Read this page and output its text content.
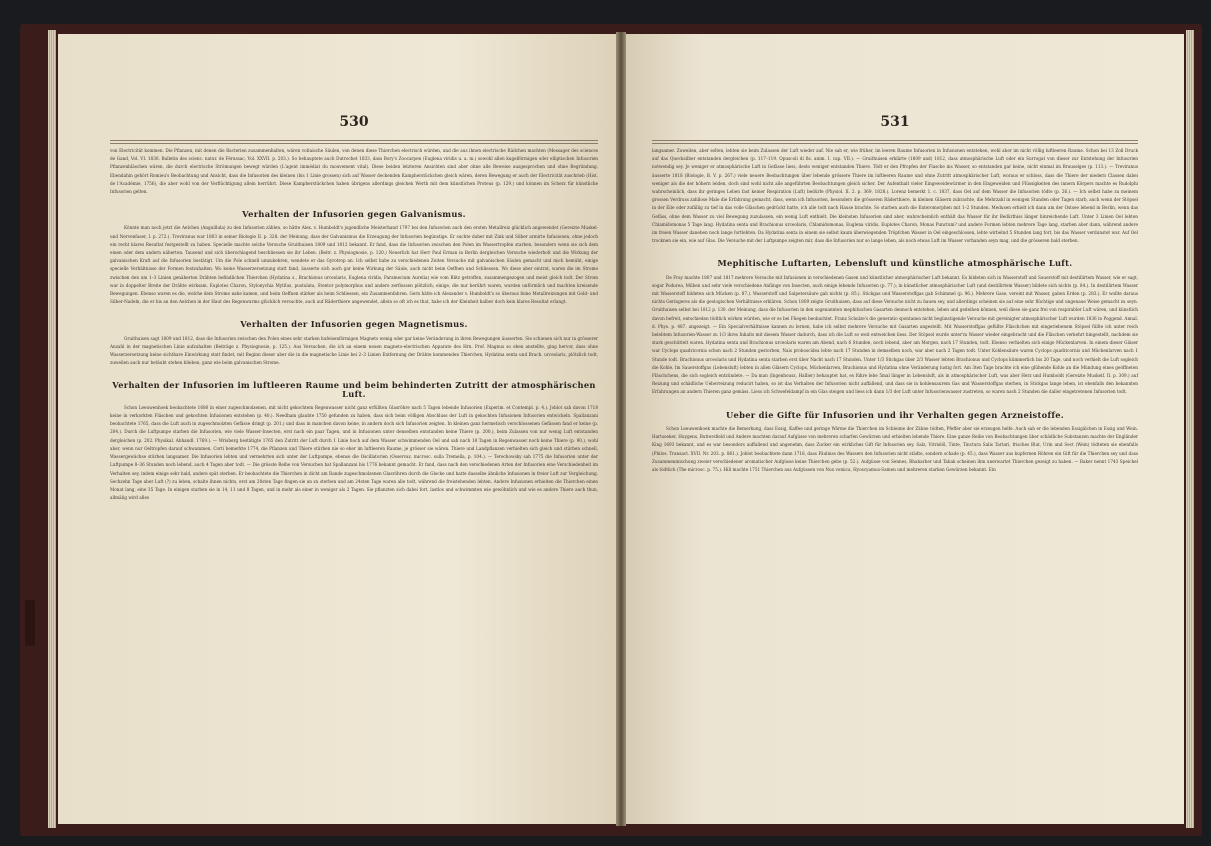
530

von Electricität kommen. Die Pflanzen, mit denen die Bacterien zusammenhalten, wären voltaische Säulen, von denen diese Thierchen electrisch würden, und die aus ihnen electrische Rädchen machten (Messager des sciences de Gand, Vol. VI. 1830. Bulletin des scienc. natur. de Férussac, Vol. XXVII. p. 203.). So behauptete auch Dutrochet 1833, dass Bory's Zoocarpen (Euglena viridis u. a. m.) sowohl allen kugelförmigen oder elliptischen Infusorien Pflanzenbläschen wären, die durch electrische Strömungen bewegt würden (L'agent immédiat du mouvement vital). Diese beiden letzteren Ansichten sind aber ohne alle Beweise ausgesprochen und ohne Begründung. Ebendahin gehört Romieu's Beobachtung und Ansicht, dass die Infusorien des kleinen (bis 1 Linie grossen) sich auf Wasser deckenden Kampherstückchen gleich wären, deren Bewegung er auch der Electricität zuschrieb (Hist. de l'Académie, 1756), die aber wohl von der Verflüchtigung allein herrührt. Diese Kampherstückchen haben übrigens allerdings gleichen Werth mit dem künstlichen Proteus (p. 129.) und können im Scherz für künstliche Infusorien gelten.

Verhalten der Infusorien gegen Galvanismus.

Könnte man noch jetzt die Aelchen (Anguillula) zu den Infusorien zählen, so hätte Alex. v. Humboldt's jugendliche Meisterhand 1797 bei den Infusorien auch den ersten Metallreiz glücklich angewendet (Gereizte Muskel- und Nervenfaser, I. p. 272.). Treviranus war 1803 in seiner Biologie II. p. 328. der Meinung, dass der Galvanismus die Erzeugung der Infusorien begünstige. Er suchte daher mit Zink und Silber armirte Infusionen, ohne jedoch ein recht klares Resultat festgestellt zu haben. Specielle machte solche Versuche Gruithuisen 1809 und 1812 bekannt. Er fand, dass die Infusorien zwischen den Polen im Wassertropfen starben, besonders wenn sie sich dem einen oder dem andern näherten. Tausend und sich überschlagend beschliessen sie ihr Leben. (Beitr. z. Physiognosie, p. 120.) Neuerlich hat Herr Paul Erman in Berlin dergleichen Versuche wiederholt und die Wirkung der galvanischen Kraft auf die Infusorien bestätigt. Um die Pole schnell umzukehren, wendete er das Gyrotrop an. Ich selbst habe zu verschiedenen Zeiten Versuche mit galvanischen Säulen gemacht und mich bemüht, einige specielle Verhältnisse der Formen festzuhalten. Wo keine Wasserzersetzung statt fand, äusserte sich auch gar keine Wirkung der Säule, auch nicht beim Oeffnen und Schliessen. Wo diese aber eintrat, waren die im Strome zwischen den um 1–3 Linien genäherten Drähten befindlichen Thierchen (Hydatina s., Brachionus urceolaris, Euglena viridis, Paramecium Aurelia) wie vom Blitz getroffen, zusammengezogen und meist gleich todt. Der Strom war in doppelter Breite der Drähte wirksam. Euplotes Charon, Stylonychia Mytilus, pustulata, Stentor polymorphus und andere zerflossen plötzlich; einige, die nur berührt waren, wurden unförmlich und machten kreisende Bewegungen. Ebenso waren es die, welche dem Strome nahe kamen, und beim Oeffnen stärker als beim Schliessen, ein Zusammenfahren. Gern hätte ich Alexander v. Humboldt's so überaus feine Metallreizungen mit Gold- und Silber-Nadeln, die er bis an den Aelchen in der Haut des Regenwurms glücklich versuchte, auch auf Räderthiere angewendet, allein so oft ich es that, habe ich der Kleinheit halber doch kein klares Resultat erlangt.

Verhalten der Infusorien gegen Magnetismus.

Gruithuisen sagt 1809 und 1812, dass die Infusorien zwischen den Polen eines sehr starken hufeisenförmigen Magnets wenig oder gar keine Veränderung in ihren Bewegungen äusserten. Sie schienen sich nur in grösserer Anzahl in der magnetischen Linie aufzuhalten (Beiträge z. Physiognosie, p. 125.). Aus Versuchen, die ich an einem neuen magneto-electrischen Apparate des Hrn. Prof. Magnus so eben anstellte, ging hervor, dass ohne Wasserzersetzung keine sichtbare Einwirkung statt findet, mit Beginn dieser aber die in die magnetische Linie bei 2–3 Linien Entfernung der Drähte kommenden Thierchen, Hydatina senta und Brach. urceolaris, plötzlich todt, zuweilen auch nur betäubt stehen blieben, ganz wie beim galvanischen Strome.

Verhalten der Infusorien im luftleeren Raume und beim behinderten Zutritt der atmosphärischen Luft.

Schon Leeuwenhoek beobachtete 1680 in einer zugeschmolzenen, mit nicht gekochtem Regenwasser nicht ganz erfüllten Glasröhre nach 5 Tagen lebende Infusorien (Experim. et Contempl. p. 4.). Joblot sah davon 1718 keine in verkorkten Fläschen und gekochten Infusionen entstehen (p. 40.). Needham glaubte 1750 gefunden zu haben, dass sich beim völligen Abschluss der Luft in gekochten Infusionen Infusorien entwickeln. Spallanzani beobachtete 1765, dass die Luft auch in zugeschmolzten Gefässe dringt (p. 201.) und dass in manchen davon keine, in andern doch sich Infusorien zeigten. In kleinen ganz hermetisch verschlossenen Gefässen fand er keine (p. 204.). Durch die Luftpumpe starben die Infusorien, wie viele Wasser-Insecten, erst nach ein paar Tagen, und in Infusionen unter denselben entstanden keine Thiere (p. 200.), beim Zulassen von nur wenig Luft entstanden dergleichen (p. 202. Physikal. Abhandl. 1769.). — Wrisberg bestätigte 1765 den Zutritt der Luft durch 1 Linie hoch auf dem Wasser schwimmenden Oel und sah nach 18 Tagen in Regenwasser noch keine Thiere (p. 90.), wohl aber, wenn nur Oeltropfen darauf schwammen. Corti bemerkte 1774, die Pflanzen und Thiere stürben nie so eher im luftleeren Raume, je grösser sie wären. Thiere und Landpflanzen verhielten sich gleich und stürben schnell, Wassergewächse stürben langsamer. Die Infusorien lebten und vermehrten sich unter der Luftpumpe, ebenso die Oscillatorien (Osservaz. microsc. sulla Tremella, p. 104.). — Terechowsky sah 1775 die Infusorien unter der Luftpumpe 8–36 Stunden noch lebend, auch 4 Tagen aber todt. — Die grösste Reihe von Versuchen hat Spallanzani bis 1776 bekannt gemacht. Er fand, dass nach den verschiedenen Arten der Infusorien eine Verschiedenheit im Verhalten sey, indem einige sehr bald, andere spät sterben. Er beobachtete die Thierchen in dicht am Rande zugeschmolzenen Glasröhren durch die Glocke und hatte dasselbe ähnliche Infusionen in freier Luft zur Vergleichung. Sechzehn Tage aber Luft (?) zu leben, schalte ihnen nichts, erst am 20sten Tage fingen sie an zu sterben und am 24sten Tage waren alle todt, während die freistehenden lebten. Andere Infusionen erhielten die Thierchen einen Monat lang, eine 35 Tage. In einigen starben sie in 14, 11 und 8 Tagen, und in mehr als einer in weniger als 2 Tagen. Sie pflanzten sich dabei fort, lastlos und schwimmten wie gewöhnlich und wie es andere Thiere auch thun, allmälig wird alles

531

langsamer. Zuweilen, aber selten, lebten sie beim Zulassen der Luft wieder auf. Nie sah er, wie früher, im leeren Raume Infusorien in Infusionen entstehen, wohl aber im nicht völlig luftleeren Raume. Schon bei 13 Zoll Druck auf das Quecksilber entstanden dergleichen (p. 117–119. Opuscoli di fis. anim. I. cap. VII.). — Gruithuisen erklärte (1809 und) 1812, dass atmosphärische Luft oder ein Surrogat von dieser zur Entstehung der Infusorien notwendig sey. Je weniger er atmosphärische Luft in Gefässe liess, desto weniger entstanden Thiere. Tödt er den Pfropfen der Flasche ins Wasser, so entstanden gar keine, nicht einmal im Brauselges (p. 113.). — Treviranus äusserte 1818 (Biologie, B. V. p. 267.) viele neuere Beobachtungen über lebende grössere Thiere im luftleeren Raume und ohne Zutritt atmosphärischer Luft, woraus er schloss, dass die Thiere der niedern Classen dabei weniger als die der höhern leiden, doch sind wohl nicht alle angeführten Beobachtungen gleich sicher. Der Aufenthalt vieler Eingeweidewürmer in den Eingeweiden und Flüssigkeiten des innern Körpers machte es Rudolphi wahrscheinlich, dass ihr geringes Leben fast keiner Respiration (Luft) bedürfe (Physiol. II. 2. p. 369. 1828.). Lorenz bemerkt 1. c. 1837, dass Oel auf dem Wasser die Infusorien tödte (p. 26.). — Ich selbst habe zu meinem grossen Verdruss zahllose Male die Erfahrung gemacht, dass, wenn ich Infusorien, besonders die grösseren Räderthiere, in kleinen Gläsern zubrachte, die Mehrzahl in wenigen Stunden oder Tagen starb, auch wenn der Stöpsel in der Eile oder zufällig zu tief in das volle Gläschen gedrückt hatte, ich alle todt nach Hause brachte. So starben auch die Enteromorphen mit 1–2 Stunden. Medusen erhielt ich dann am der Ostsee lebend in Berlin, wenn das Gefäss, ohne dem Wasser zu viel Bewegung zuzulassen, ein wenig Luft enthielt. Die kleinsten Infusorien sind aber, wahrscheinlich enthält das Wasser für ihr Bedürfniss länger hinreichende Luft. Unter 3 Linien Oel lebten Chlamidomonas 5 Tage lang. Hydatina senta und Brachionus urceolaris, Chlamidomonas, Euglena viridis, Euplotes Charon, Monas Punctum? und andere Formen lebten mehrere Tage lang, starben aber dann, während andere im freien Wasser daneben noch lange fortlebten. Da Hydatina senta in einem sie selbst kaum überwiegenden Tröpfchen Wasser in Oel eingeschlossen, lebte wirbelnd 5 Stunden lang fort, bis das Wasser verdunstet war. Auf Oel trocknen sie ein, wie auf Glas. Die Versuche mit der Luftpumpe zeigten mir, dass die Infusorien nur so lange leben, als noch etwas Luft im Wasser vorhanden seyn mag, und die grösseren bald sterben.

Mephitische Luftarten, Lebensluft und künstliche atmosphärische Luft.

De Fray machte 1807 und 1817 mehrere Versuche mit Infusionen in verschiedenen Gasen und künstlicher atmosphärischer Luft bekannt. Es bildeten sich in Wasserstoff und Sauerstoff mit destillirtem Wasser, wie er sagt, sogar Podurea, Milben und sehr viele verschiedene Anfänge von Insecten, auch einige lebende Infusorien (p. 77.); in künstlicher atmosphärischer Luft (und destillirtem Wasser) bildete sich nichts (p. 84.). In destillirtem Wasser mit Wasserstoff bildeten sich Mücken (p. 87.). Wasserstoff und Salpetersäure gab nichts (p. 85.). Stickgas und Wasserstoffgas gab Schimmel (p. 96.). Mehrere Gase, vereint mit Wasser, gaben Erden (p. 283.). Er wollte daraus nichts Geringeres als die geologischen Verhältnisse erklären. Schon 1809 zeigte Gruithuisen, dass auf diese Versuche nicht zu bauen sey, und allerdings scheinen sie auf eine sehr flüchtige und ungenaue Weise gemacht zu seyn. Gruithuisen selbst bei 1812 p. 130. der Meinung, dass die Infusorien in den sogenannten mephitischen Gasarten dennoch entstehen, leben und gedeihen können, weil diese sie ganz frei von respirabler Luft wären, und künstlich davon befreit, entschieden tödtlich wirken würden, wie er es bei Fliegen beobachtet. Franz Schulze's die generatio spontanea nicht begünstigende Versuche mit gereinigter atmosphärischer Luft wurden 1836 in Poggend. Annal. d. Phys. p. 487. angezeigt. — Ein Specialverhältnisse kannen zu lernen, habe ich selbst mehrere Versuche mit Gasarten angestellt. Mit Wasserstoffgas gefüllte Fläschchen mit eingeriebenem Stöpsel füllte ich unter reich belebtem Infusorien-Wasser zu 1/3 ihres Inhalts mit diesem Wasser dadurch, dass ich die Luft so weit entweichen liess. Der Stöpsel wurde unter'm Wasser wieder eingebracht und die Fläschen verkehrt hingestellt, nachdem sie stark geschüttelt waren. Hydatina senta und Brachionus urceolaris waren am Abend, nach 6 Stunden, noch lebend, aber am Morgen, nach 17 Stunden, todt. Ebenso verhielten sich einige Mückenlarven. In einem dieser Gläser war Cyclops quadricornis schon nach 2 Stunden gestorben, Nais proboscidea lebte nach 17 Stunden in demselben noch, war aber nach 2 Tagen todt. Unter Kohlensäure waren Cyclops quadricornis und Mückenlarven nach 1 Stunde todt. Brachionus urceolaris und Hydatina senta starben erst über Nacht nach 17 Stunden. Unter 1/3 Stickgas über 2/3 Wasser lebten Brachionus und Cyclops kümmerlich bis 20 Tage, und noch verhielt die Luft sogleich die Kohle. Im Sauerstoffgas (Lebensluft) lebten in allen Gläsern Cyclops, Mückenlarven, Brachionus und Hydatina ohne Veränderung lustig fort. Am 3ten Tage brachte ich eine glühende Kohle an die Mündung eines geöffneten Fläschchens, die sich sogleich entzündete. — Da man (Ingenhousz, Hallier) behauptet hat, es führe lebe 5mal länger in Lebensluft, als in atmosphärischer Luft, was aber Herz und Humboldt (Gereizte Muskelf. II. p. 309.) auf Reizung und schädliche Ueberreizung reducirt haben, so ist das Verhalten der Infusorien nicht auffallend, und dass sie in kohlensaurem Gas und Wasserstoffgas sterben, in Stickgas lange leben, ist ebenfalls den bekannten Erfahrungen an andern Thieren ganz gemäss. Liess ich Schwefeldampf in ein Glas steigen und liess ich dann 1/3 der Luft unter Infusorienwasser zustreten, so waren nach 2 Stunden die daller eingetretenen Infusorien todt.

Ueber die Gifte für Infusorien und ihr Verhalten gegen Arzneistoffe.

Schon Leeuwenhoek machte die Bemerkung, dass Essig, Kaffee und geringe Wärme die Thierchen im Schleime der Zähne tödten, Pfeffer aber sie erzeugen helfe. Auch sah er die lebenden Essigälchen in Essig und Wein. Hartsoeker, Huygens, Buttersfield und Andere machten darauf Aufgüsse von mehreren scharfen Gewürzen und erhielten lebende Thiere. Eine ganze Reihe von Beobachtungen über schädliche Substanzen machte der Engländer King 1693 bekannt, und es war besonders auffallend und angenehm, dass Zucker ein wirkliches Gift für Infusorien sey. Salz, Vitriolöl, Tinte, Tinctura Salis Tartari, frisches Blut, Urin und Sect (Wein) tödteten sie ebenfalls (Philos. Transact. XVII. Nr. 203. p. 861.). Joblot beobachtete dann 1718, dass Fäulniss des Wassers den Infusorien nicht städte, sondern schade (p. 45.), dass Wasser aus kupfernen Röhren ein Gift für die Thierchen sey und dass Zusammenmischung zweier verschiedener aromatischer Aufgüsse keine Thierchen gebe (p. 52.). Aufgüsse von Sennes, Rhabarber und Tabak scheinen ihm unerwartet Thierchen gezeigt zu haben. — Baker nennt 1743 Speichel als tödtlich (The microsc. p. 75.). Hill machte 1751 Thierchen aus Aufgüssen von Nux vomica, Hyoscyamus-Samen und mehreren starken Gewürzen bekannt. Ein
